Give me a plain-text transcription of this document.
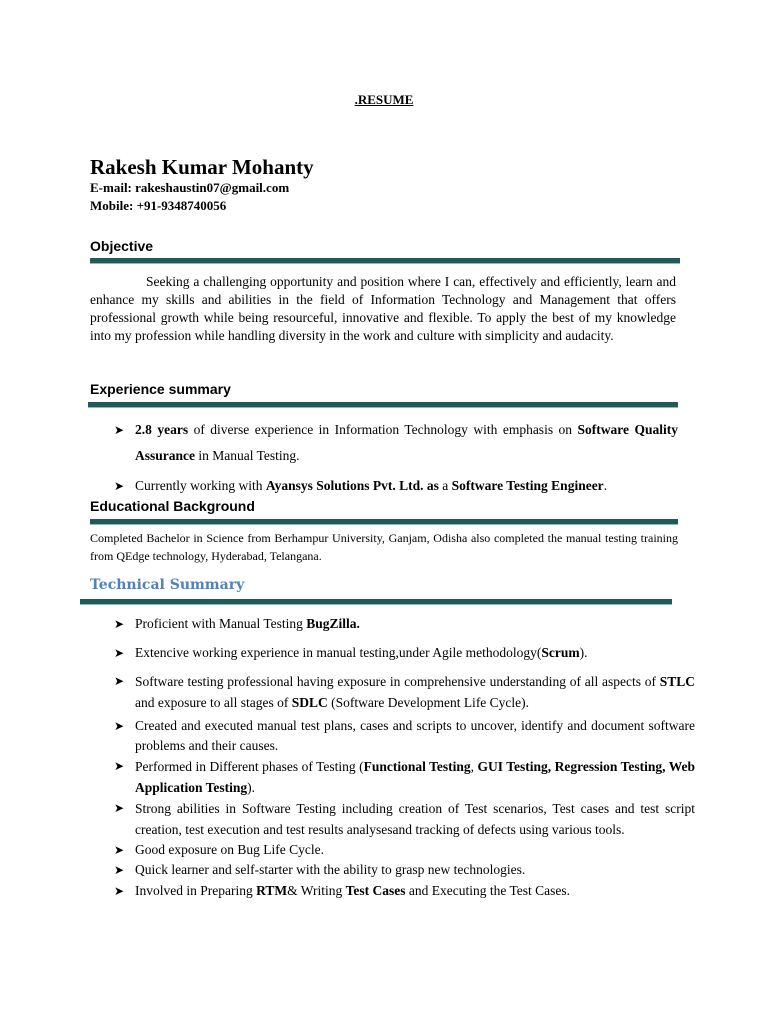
.RESUME
Rakesh Kumar Mohanty
E-mail: rakeshaustin07@gmail.com
Mobile: +91-9348740056
Objective
Seeking a challenging opportunity and position where I can, effectively and efficiently, learn and enhance my skills and abilities in the field of Information Technology and Management that offers professional growth while being resourceful, innovative and flexible. To apply the best of my knowledge into my profession while handling diversity in the work and culture with simplicity and audacity.
Experience summary
➤ 2.8 years of diverse experience in Information Technology with emphasis on Software Quality Assurance in Manual Testing.
➤ Currently working with Ayansys Solutions Pvt. Ltd. as a Software Testing Engineer.
Educational Background
Completed Bachelor in Science from Berhampur University, Ganjam, Odisha also completed the manual testing training from QEdge technology, Hyderabad, Telangana.
Technical Summary
➤ Proficient with Manual Testing BugZilla.
➤ Extencive working experience in manual testing,under Agile methodology(Scrum).
➤ Software testing professional having exposure in comprehensive understanding of all aspects of STLC and exposure to all stages of SDLC (Software Development Life Cycle).
➤ Created and executed manual test plans, cases and scripts to uncover, identify and document software problems and their causes.
➤ Performed in Different phases of Testing (Functional Testing, GUI Testing, Regression Testing, Web Application Testing).
➤ Strong abilities in Software Testing including creation of Test scenarios, Test cases and test script creation, test execution and test results analysesand tracking of defects using various tools.
➤ Good exposure on Bug Life Cycle.
➤ Quick learner and self-starter with the ability to grasp new technologies.
➤ Involved in Preparing RTM& Writing Test Cases and Executing the Test Cases.
